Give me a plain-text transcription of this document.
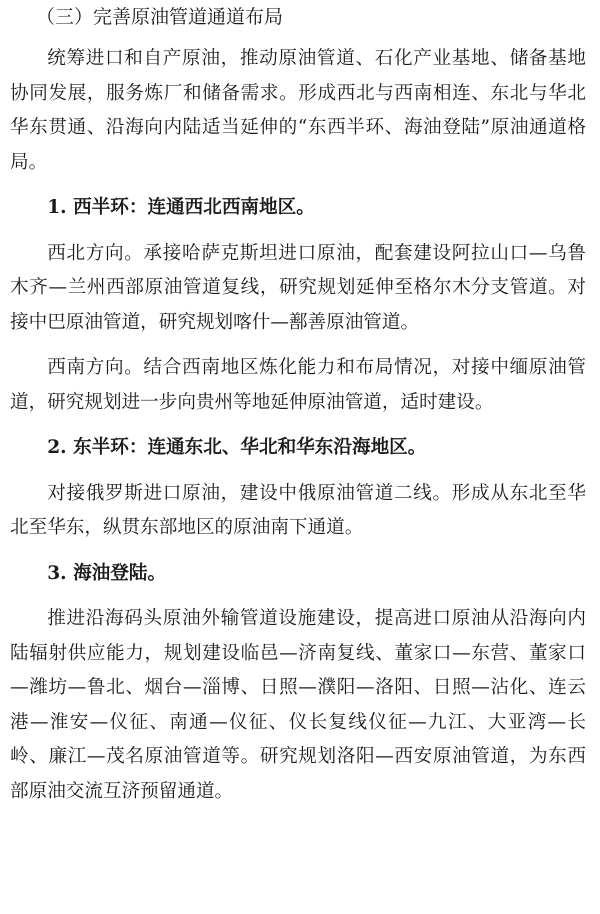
（三）完善原油管道通道布局

统筹进口和自产原油，推动原油管道、石化产业基地、储备基地协同发展，服务炼厂和储备需求。形成西北与西南相连、东北与华北华东贯通、沿海向内陆适当延伸的“东西半环、海油登陆”原油通道格局。

1. 西半环：连通西北西南地区。

西北方向。承接哈萨克斯坦进口原油，配套建设阿拉山口—乌鲁木齐—兰州西部原油管道复线，研究规划延伸至格尔木分支管道。对接中巴原油管道，研究规划喀什—鄯善原油管道。

西南方向。结合西南地区炼化能力和布局情况，对接中缅原油管道，研究规划进一步向贵州等地延伸原油管道，适时建设。

2. 东半环：连通东北、华北和华东沿海地区。

对接俄罗斯进口原油，建设中俄原油管道二线。形成从东北至华北至华东，纵贯东部地区的原油南下通道。

3. 海油登陆。

推进沿海码头原油外输管道设施建设，提高进口原油从沿海向内陆辐射供应能力，规划建设临邑—济南复线、董家口—东营、董家口—潍坊—鲁北、烟台—淄博、日照—濮阳—洛阳、日照—沾化、连云港—淮安—仪征、南通—仪征、仪长复线仪征—九江、大亚湾—长岭、廉江—茂名原油管道等。研究规划洛阳—西安原油管道，为东西部原油交流互济预留通道。
